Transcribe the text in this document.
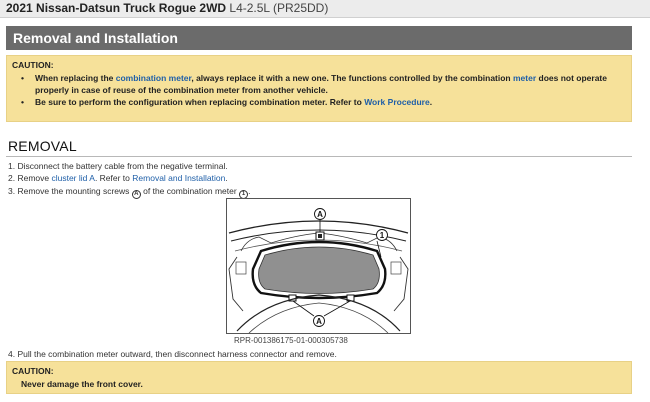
2021 Nissan-Datsun Truck Rogue 2WD L4-2.5L (PR25DD)
Removal and Installation
CAUTION:
• When replacing the combination meter, always replace it with a new one. The functions controlled by the combination meter does not operate properly in case of reuse of the combination meter from another vehicle.
• Be sure to perform the configuration when replacing combination meter. Refer to Work Procedure.
REMOVAL
1. Disconnect the battery cable from the negative terminal.
2. Remove cluster lid A. Refer to Removal and Installation.
3. Remove the mounting screws A of the combination meter 1 .
A
1
A
RPR-001386175-01-000305738
4. Pull the combination meter outward, then disconnect harness connector and remove.
CAUTION:
Never damage the front cover.
